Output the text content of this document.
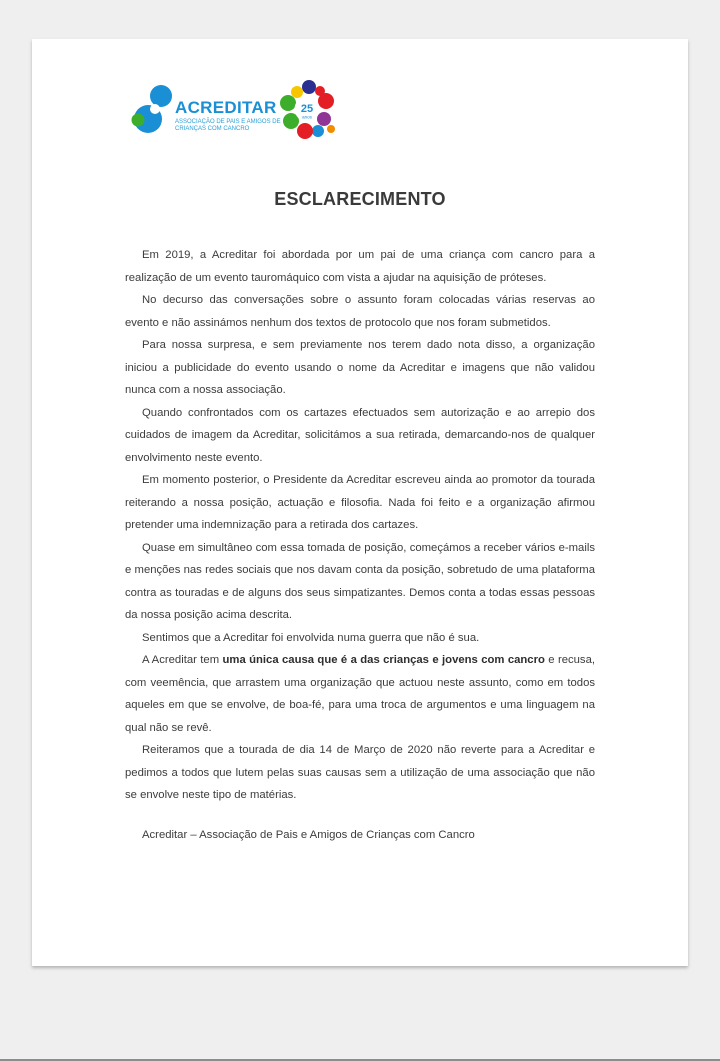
ACREDITAR
ASSOCIAÇÃO DE PAIS E AMIGOS DE CRIANÇAS COM CANCRO
25
anos
ESCLARECIMENTO

Em 2019, a Acreditar foi abordada por um pai de uma criança com cancro para a realização de um evento tauromáquico com vista a ajudar na aquisição de próteses.

No decurso das conversações sobre o assunto foram colocadas várias reservas ao evento e não assinámos nenhum dos textos de protocolo que nos foram submetidos.

Para nossa surpresa, e sem previamente nos terem dado nota disso, a organização iniciou a publicidade do evento usando o nome da Acreditar e imagens que não validou nunca com a nossa associação.

Quando confrontados com os cartazes efectuados sem autorização e ao arrepio dos cuidados de imagem da Acreditar, solicitámos a sua retirada, demarcando-nos de qualquer envolvimento neste evento.

Em momento posterior, o Presidente da Acreditar escreveu ainda ao promotor da tourada reiterando a nossa posição, actuação e filosofia. Nada foi feito e a organização afirmou pretender uma indemnização para a retirada dos cartazes.

Quase em simultâneo com essa tomada de posição, começámos a receber vários e-mails e menções nas redes sociais que nos davam conta da posição, sobretudo de uma plataforma contra as touradas e de alguns dos seus simpatizantes. Demos conta a todas essas pessoas da nossa posição acima descrita.

Sentimos que a Acreditar foi envolvida numa guerra que não é sua.

A Acreditar tem uma única causa que é a das crianças e jovens com cancro e recusa, com veemência, que arrastem uma organização que actuou neste assunto, como em todos aqueles em que se envolve, de boa-fé, para uma troca de argumentos e uma linguagem na qual não se revê.

Reiteramos que a tourada de dia 14 de Março de 2020 não reverte para a Acreditar e pedimos a todos que lutem pelas suas causas sem a utilização de uma associação que não se envolve neste tipo de matérias.

Acreditar – Associação de Pais e Amigos de Crianças com Cancro
